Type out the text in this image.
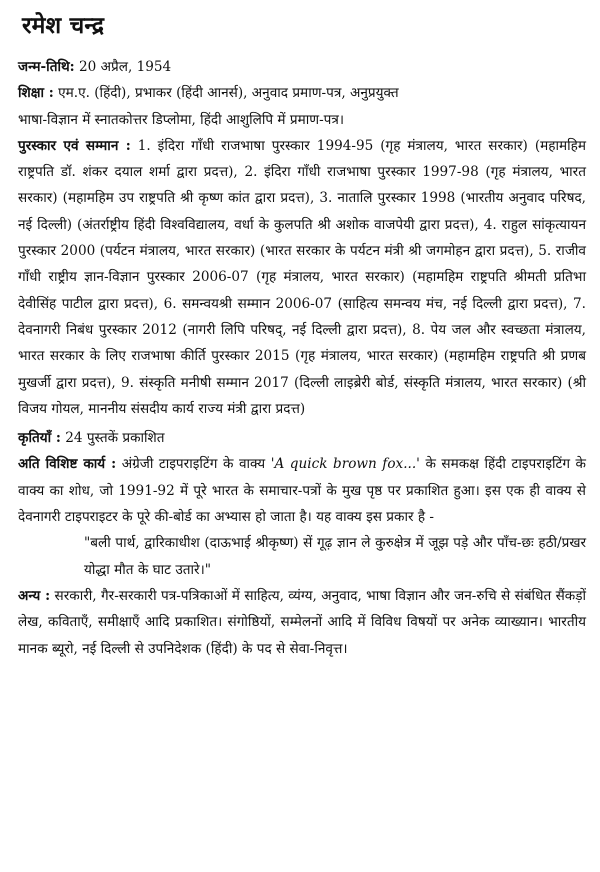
रमेश चन्द्र

जन्म-तिथि: 20 अप्रैल, 1954

शिक्षा : एम.ए. (हिंदी), प्रभाकर (हिंदी आनर्स), अनुवाद प्रमाण-पत्र, अनुप्रयुक्त भाषा-विज्ञान में स्नातकोत्तर डिप्लोमा, हिंदी आशुलिपि में प्रमाण-पत्र।

पुरस्कार एवं सम्मान : 1. इंदिरा गाँधी राजभाषा पुरस्कार 1994-95 (गृह मंत्रालय, भारत सरकार) (महामहिम राष्ट्रपति डॉ. शंकर दयाल शर्मा द्वारा प्रदत्त), 2. इंदिरा गाँधी राजभाषा पुरस्कार 1997-98 (गृह मंत्रालय, भारत सरकार) (महामहिम उप राष्ट्रपति श्री कृष्ण कांत द्वारा प्रदत्त), 3. नातालि पुरस्कार 1998 (भारतीय अनुवाद परिषद, नई दिल्ली) (अंतर्राष्ट्रीय हिंदी विश्वविद्यालय, वर्धा के कुलपति श्री अशोक वाजपेयी द्वारा प्रदत्त), 4. राहुल सांकृत्यायन पुरस्कार 2000 (पर्यटन मंत्रालय, भारत सरकार) (भारत सरकार के पर्यटन मंत्री श्री जगमोहन द्वारा प्रदत्त), 5. राजीव गाँधी राष्ट्रीय ज्ञान-विज्ञान पुरस्कार 2006-07 (गृह मंत्रालय, भारत सरकार) (महामहिम राष्ट्रपति श्रीमती प्रतिभा देवीसिंह पाटील द्वारा प्रदत्त), 6. समन्वयश्री सम्मान 2006-07 (साहित्य समन्वय मंच, नई दिल्ली द्वारा प्रदत्त), 7. देवनागरी निबंध पुरस्कार 2012 (नागरी लिपि परिषद्, नई दिल्ली द्वारा प्रदत्त), 8. पेय जल और स्वच्छता मंत्रालय, भारत सरकार के लिए राजभाषा कीर्ति पुरस्कार 2015 (गृह मंत्रालय, भारत सरकार) (महामहिम राष्ट्रपति श्री प्रणब मुखर्जी द्वारा प्रदत्त), 9. संस्कृति मनीषी सम्मान 2017 (दिल्ली लाइब्रेरी बोर्ड, संस्कृति मंत्रालय, भारत सरकार) (श्री विजय गोयल, माननीय संसदीय कार्य राज्य मंत्री द्वारा प्रदत्त)

कृतियाँ : 24 पुस्तकें प्रकाशित

अति विशिष्ट कार्य : अंग्रेजी टाइपराइटिंग के वाक्य 'A quick brown fox...' के समकक्ष हिंदी टाइपराइटिंग के वाक्य का शोध, जो 1991-92 में पूरे भारत के समाचार-पत्रों के मुख पृष्ठ पर प्रकाशित हुआ। इस एक ही वाक्य से देवनागरी टाइपराइटर के पूरे की-बोर्ड का अभ्यास हो जाता है। यह वाक्य इस प्रकार है -

"बली पार्थ, द्वारिकाधीश (दाऊभाई श्रीकृष्ण) सें गूढ़ ज्ञान ले कुरुक्षेत्र में जूझ पड़े और पाँच-छः हठी/प्रखर योद्धा मौत के घाट उतारे।"

अन्य : सरकारी, गैर-सरकारी पत्र-पत्रिकाओं में साहित्य, व्यंग्य, अनुवाद, भाषा विज्ञान और जन-रुचि से संबंधित सैंकड़ों लेख, कविताएँ, समीक्षाएँ आदि प्रकाशित। संगोष्ठियों, सम्मेलनों आदि में विविध विषयों पर अनेक व्याख्यान। भारतीय मानक ब्यूरो, नई दिल्ली से उपनिदेशक (हिंदी) के पद से सेवा-निवृत्त।
